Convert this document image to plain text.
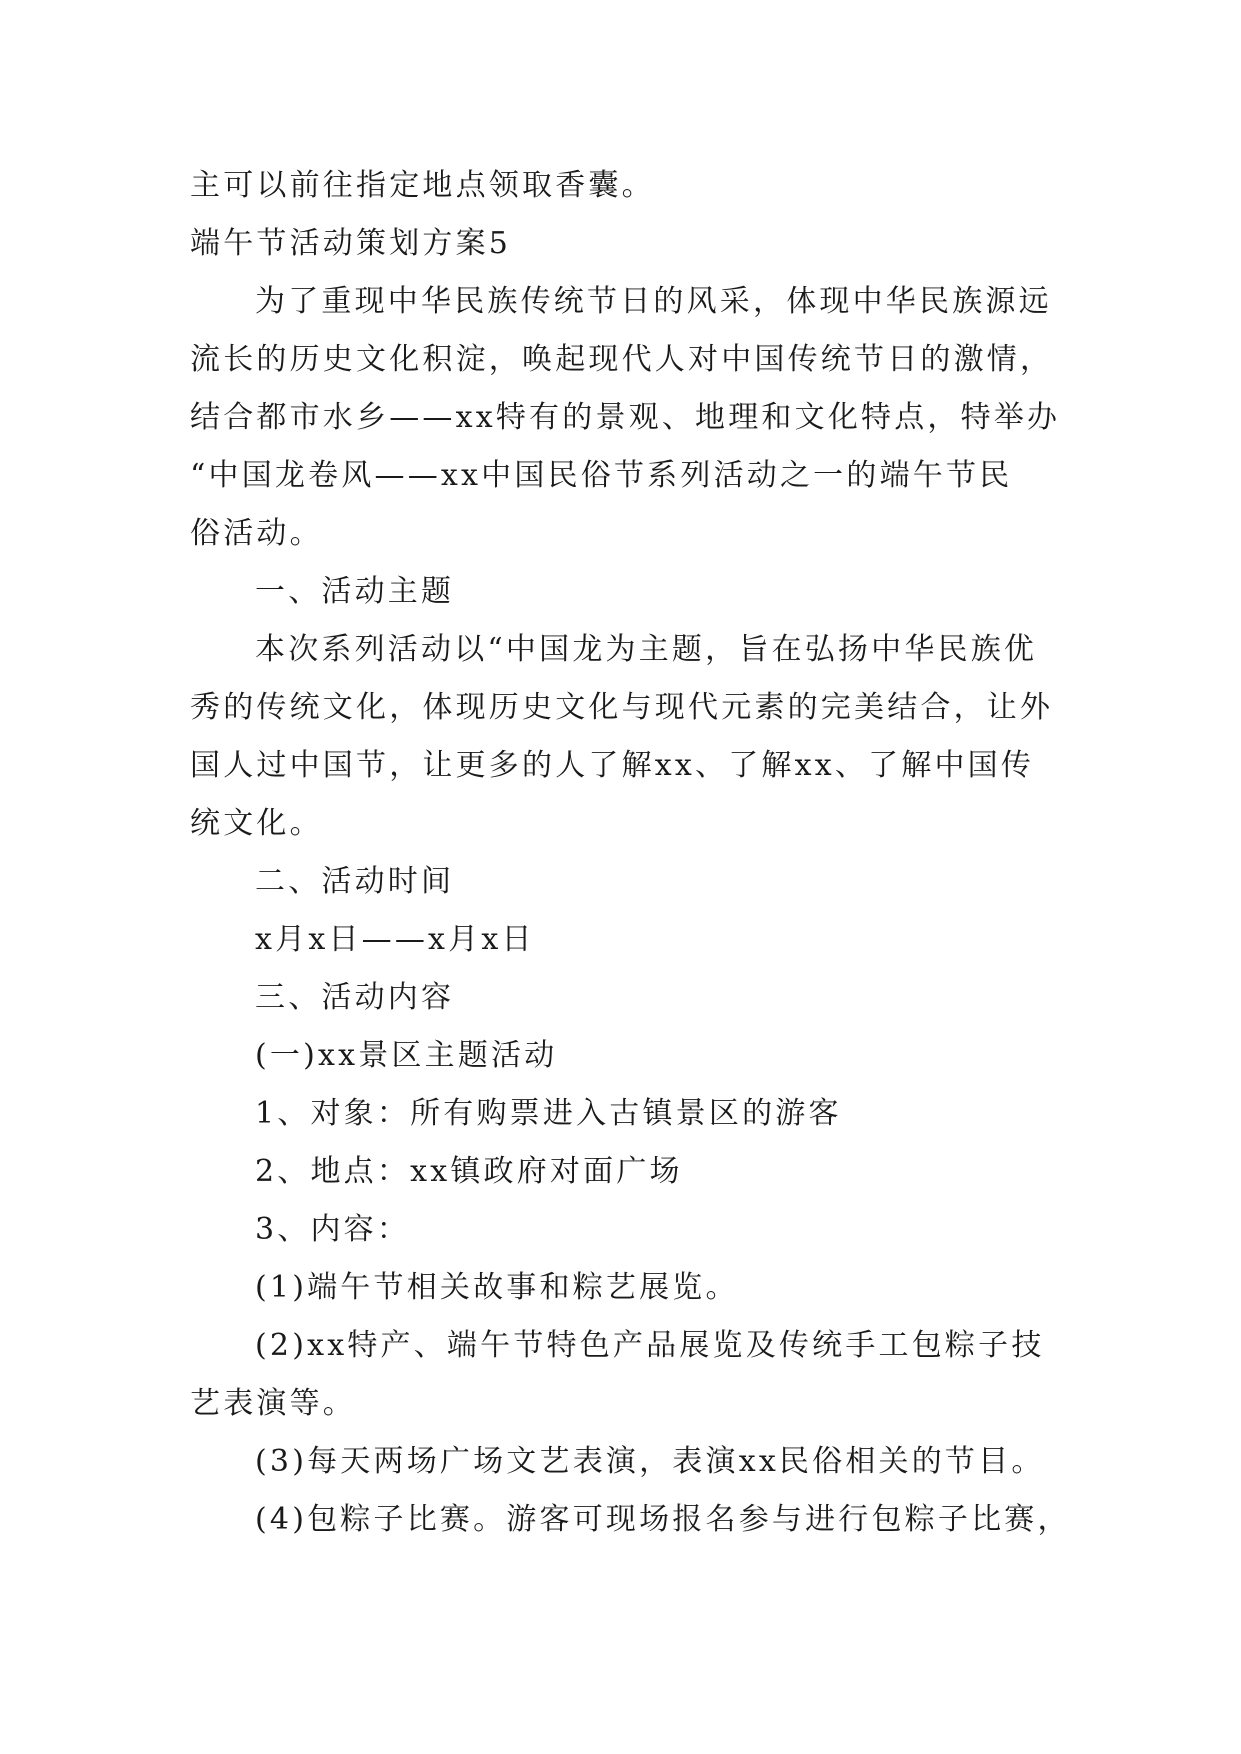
主可以前往指定地点领取香囊。
端午节活动策划方案5
为了重现中华民族传统节日的风采，体现中华民族源远
流长的历史文化积淀，唤起现代人对中国传统节日的激情，
结合都市水乡——xx特有的景观、地理和文化特点，特举办
“中国龙卷风——xx中国民俗节系列活动之一的端午节民
俗活动。
一、活动主题
本次系列活动以“中国龙为主题，旨在弘扬中华民族优
秀的传统文化，体现历史文化与现代元素的完美结合，让外
国人过中国节，让更多的人了解xx、了解xx、了解中国传
统文化。
二、活动时间
x月x日——x月x日
三、活动内容
(一)xx景区主题活动
1、对象：所有购票进入古镇景区的游客
2、地点：xx镇政府对面广场
3、内容：
(1)端午节相关故事和粽艺展览。
(2)xx特产、端午节特色产品展览及传统手工包粽子技
艺表演等。
(3)每天两场广场文艺表演，表演xx民俗相关的节目。
(4)包粽子比赛。游客可现场报名参与进行包粽子比赛，
